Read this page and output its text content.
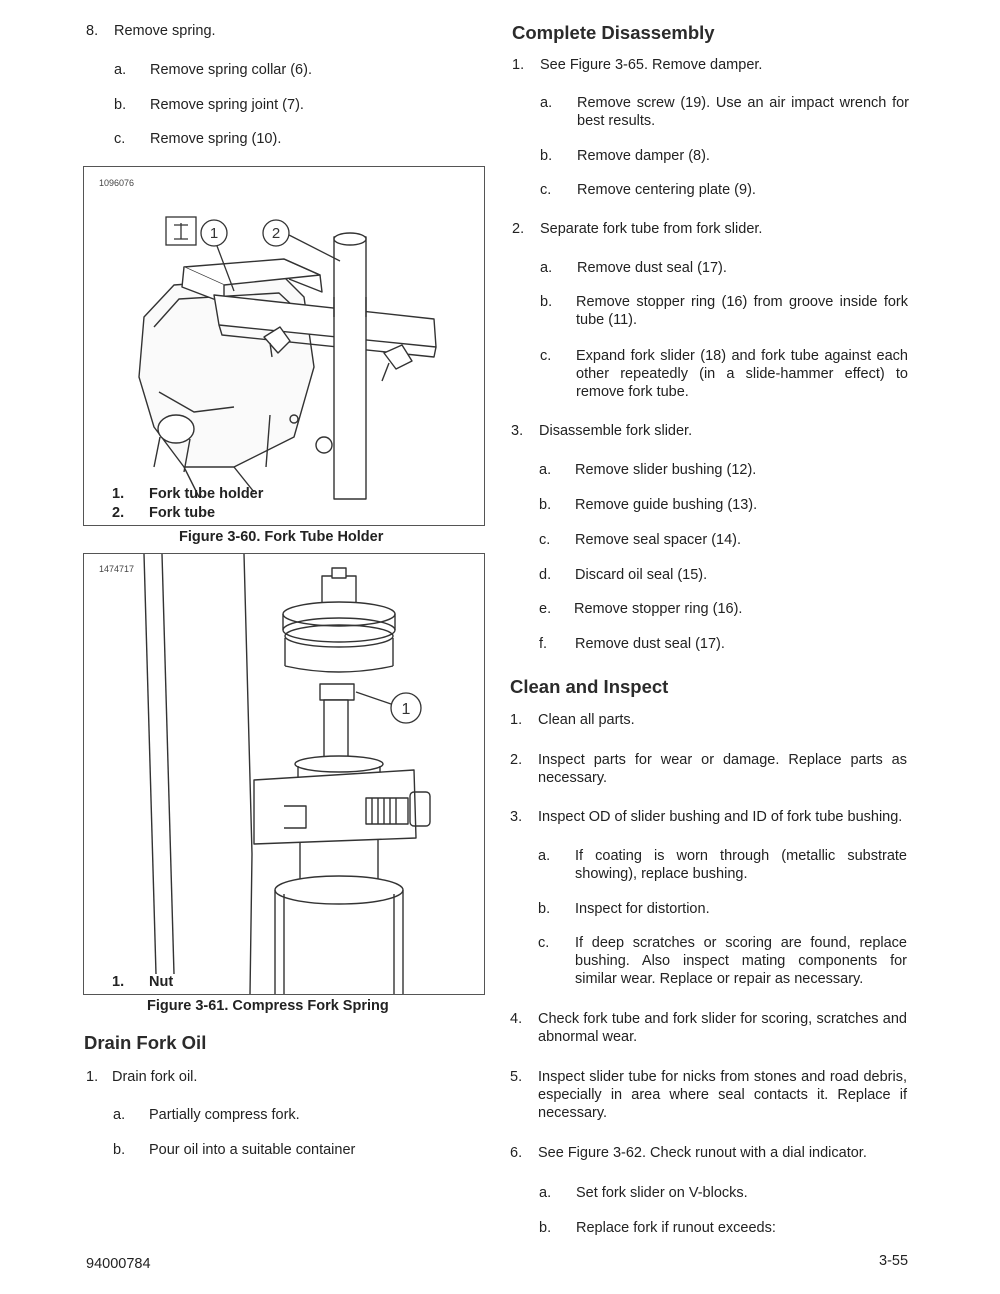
8. Remove spring.
a. Remove spring collar (6).
b. Remove spring joint (7).
c. Remove spring (10).
1096076
1	2
1. Fork tube holder
2. Fork tube
Figure 3-60. Fork Tube Holder
1474717
1
1. Nut
Figure 3-61. Compress Fork Spring
Drain Fork Oil
1. Drain fork oil.
a. Partially compress fork.
b. Pour oil into a suitable container
Complete Disassembly
1. See Figure 3-65. Remove damper.
a. Remove screw (19). Use an air impact wrench for best results.
b. Remove damper (8).
c. Remove centering plate (9).
2. Separate fork tube from fork slider.
a. Remove dust seal (17).
b. Remove stopper ring (16) from groove inside fork tube (11).
c. Expand fork slider (18) and fork tube against each other repeatedly (in a slide-hammer effect) to remove fork tube.
3. Disassemble fork slider.
a. Remove slider bushing (12).
b. Remove guide bushing (13).
c. Remove seal spacer (14).
d. Discard oil seal (15).
e. Remove stopper ring (16).
f. Remove dust seal (17).
Clean and Inspect
1. Clean all parts.
2. Inspect parts for wear or damage. Replace parts as necessary.
3. Inspect OD of slider bushing and ID of fork tube bushing.
a. If coating is worn through (metallic substrate showing), replace bushing.
b. Inspect for distortion.
c. If deep scratches or scoring are found, replace bushing. Also inspect mating components for similar wear. Replace or repair as necessary.
4. Check fork tube and fork slider for scoring, scratches and abnormal wear.
5. Inspect slider tube for nicks from stones and road debris, especially in area where seal contacts it. Replace if necessary.
6. See Figure 3-62. Check runout with a dial indicator.
a. Set fork slider on V-blocks.
b. Replace fork if runout exceeds:
94000784	3-55
